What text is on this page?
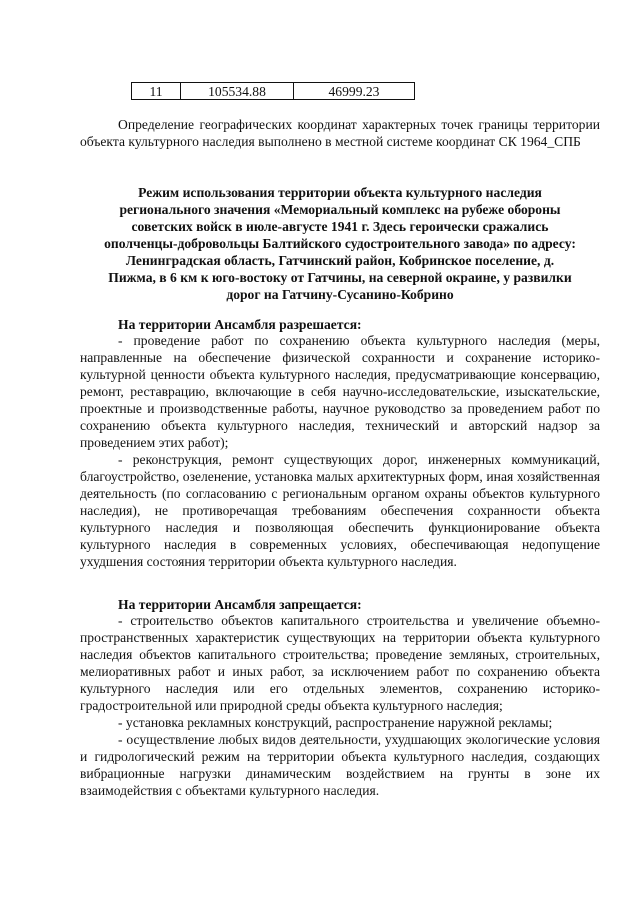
11	105534.88	46999.23

Определение географических координат характерных точек границы территории объекта культурного наследия выполнено в местной системе координат СК 1964_СПБ

Режим использования территории объекта культурного наследия регионального значения «Мемориальный комплекс на рубеже обороны советских войск в июле-августе 1941 г. Здесь героически сражались ополченцы-добровольцы Балтийского судостроительного завода» по адресу: Ленинградская область, Гатчинский район, Кобринское поселение, д. Пижма, в 6 км к юго-востоку от Гатчины, на северной окраине, у развилки дорог на Гатчину-Сусанино-Кобрино

На территории Ансамбля разрешается:

- проведение работ по сохранению объекта культурного наследия (меры, направленные на обеспечение физической сохранности и сохранение историко-культурной ценности объекта культурного наследия, предусматривающие консервацию, ремонт, реставрацию, включающие в себя научно-исследовательские, изыскательские, проектные и производственные работы, научное руководство за проведением работ по сохранению объекта культурного наследия, технический и авторский надзор за проведением этих работ);

- реконструкция, ремонт существующих дорог, инженерных коммуникаций, благоустройство, озеленение, установка малых архитектурных форм, иная хозяйственная деятельность (по согласованию с региональным органом охраны объектов культурного наследия), не противоречащая требованиям обеспечения сохранности объекта культурного наследия и позволяющая обеспечить функционирование объекта культурного наследия в современных условиях, обеспечивающая недопущение ухудшения состояния территории объекта культурного наследия.

На территории Ансамбля запрещается:

- строительство объектов капитального строительства и увеличение объемно-пространственных характеристик существующих на территории объекта культурного наследия объектов капитального строительства; проведение земляных, строительных, мелиоративных работ и иных работ, за исключением работ по сохранению объекта культурного наследия или его отдельных элементов, сохранению историко-градостроительной или природной среды объекта культурного наследия;

- установка рекламных конструкций, распространение наружной рекламы;

- осуществление любых видов деятельности, ухудшающих экологические условия и гидрологический режим на территории объекта культурного наследия, создающих вибрационные нагрузки динамическим воздействием на грунты в зоне их взаимодействия с объектами культурного наследия.
